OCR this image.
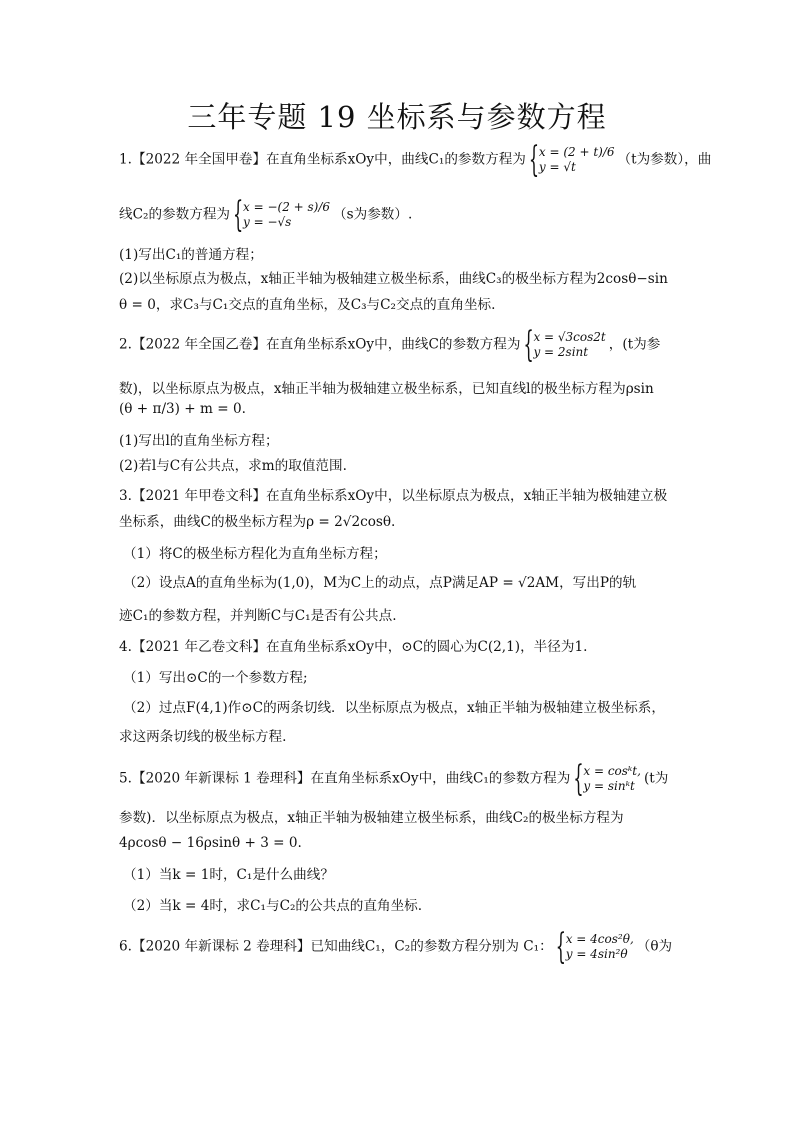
三年专题 19 坐标系与参数方程
1.【2022 年全国甲卷】在直角坐标系xOy中，曲线C₁的参数方程为 { x = (2 + t)/6
y = √t	（t为参数），曲
线C₂的参数方程为 { x = −(2 + s)/6
y = −√s	（s为参数）.
(1)写出C₁的普通方程；
(2)以坐标原点为极点，x轴正半轴为极轴建立极坐标系，曲线C₃的极坐标方程为2cosθ−sin
θ = 0，求C₃与C₁交点的直角坐标，及C₃与C₂交点的直角坐标.
2.【2022 年全国乙卷】在直角坐标系xOy中，曲线C的参数方程为 { x = √3cos2t
y = 2sint	，(t为参
数)，以坐标原点为极点，x轴正半轴为极轴建立极坐标系，已知直线l的极坐标方程为ρsin
(θ + π/3) + m = 0.
(1)写出l的直角坐标方程；
(2)若l与C有公共点，求m的取值范围.
3.【2021 年甲卷文科】在直角坐标系xOy中，以坐标原点为极点，x轴正半轴为极轴建立极
坐标系，曲线C的极坐标方程为ρ = 2√2cosθ.
（1）将C的极坐标方程化为直角坐标方程；
（2）设点A的直角坐标为(1,0)，M为C上的动点，点P满足AP = √2AM，写出P的轨
迹C₁的参数方程，并判断C与C₁是否有公共点.
4.【2021 年乙卷文科】在直角坐标系xOy中，⊙C的圆心为C(2,1)，半径为1.
（1）写出⊙C的一个参数方程;
（2）过点F(4,1)作⊙C的两条切线．以坐标原点为极点，x轴正半轴为极轴建立极坐标系，
求这两条切线的极坐标方程.
5.【2020 年新课标 1 卷理科】在直角坐标系xOy中，曲线C₁的参数方程为 { x = cosᵏt,
y = sinᵏt (t为
参数)．以坐标原点为极点，x轴正半轴为极轴建立极坐标系，曲线C₂的极坐标方程为
4ρcosθ − 16ρsinθ + 3 = 0.
（1）当k = 1时，C₁是什么曲线？
（2）当k = 4时，求C₁与C₂的公共点的直角坐标.
6.【2020 年新课标 2 卷理科】已知曲线C₁，C₂的参数方程分别为 C₁： { x = 4cos²θ,
y = 4sin²θ （θ为
